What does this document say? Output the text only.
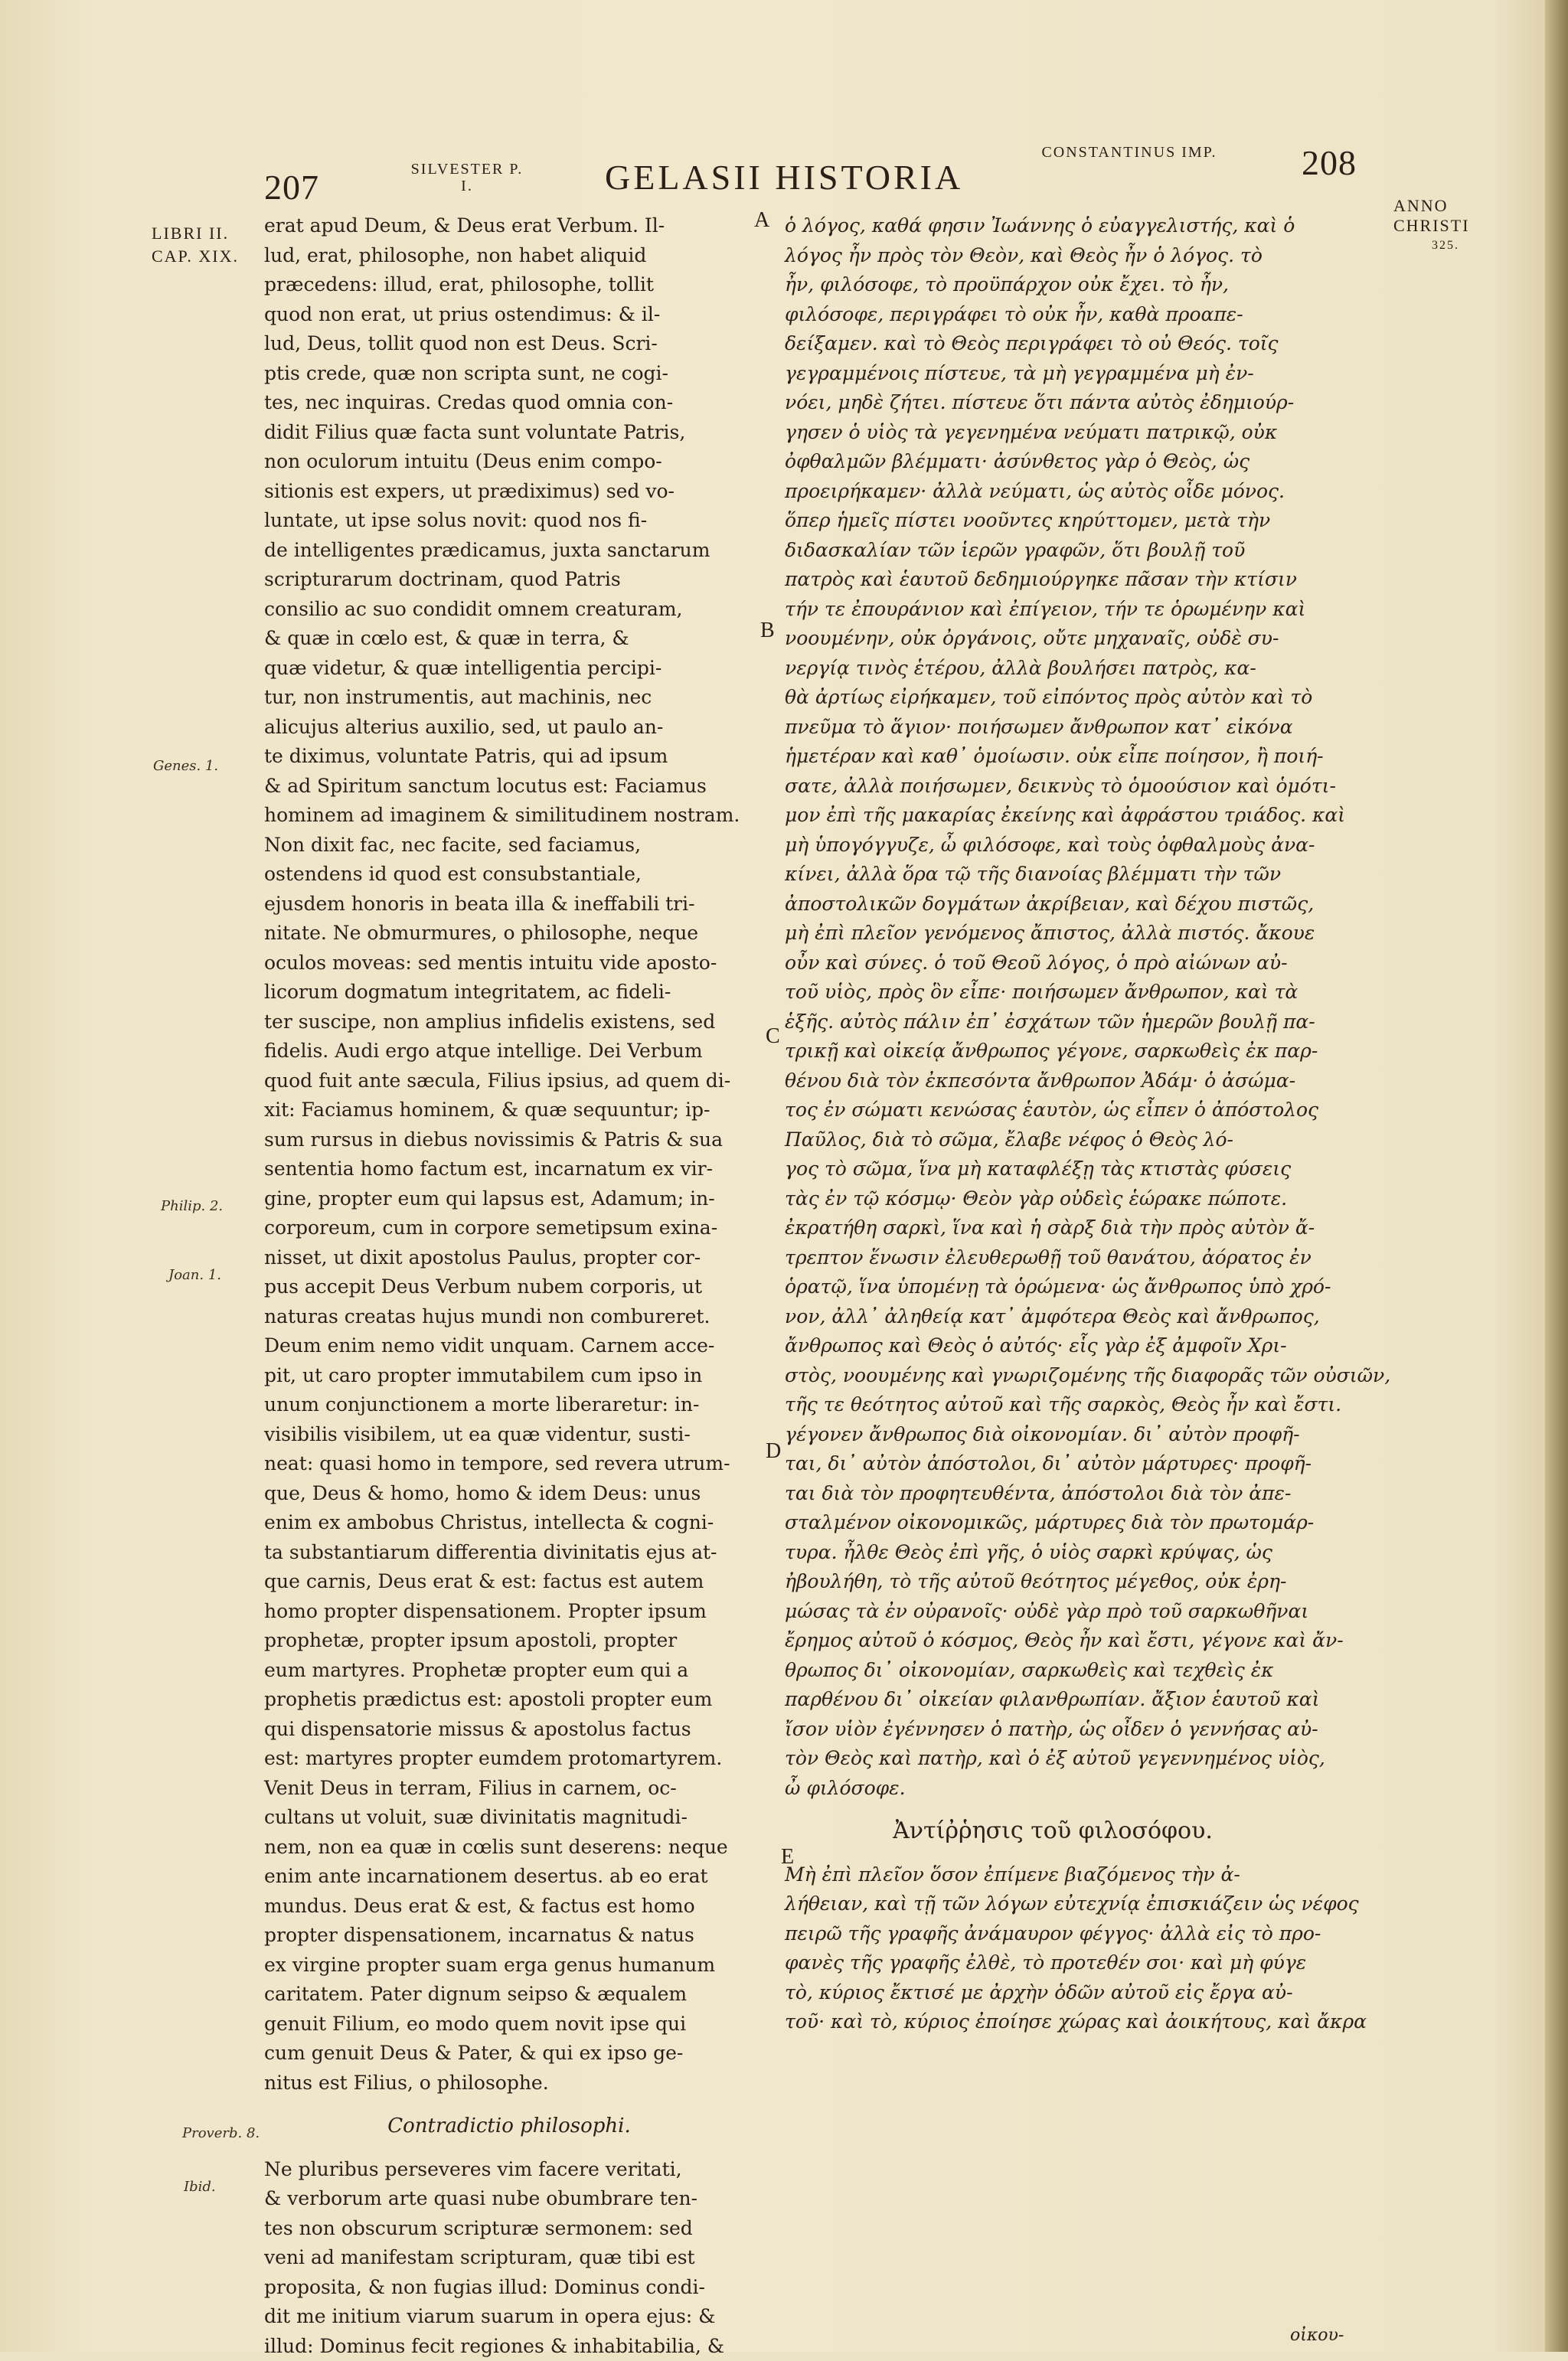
207	SILVESTER P. I.	GELASII HISTORIA
CONSTANTINUS IMP.	208
ANNO CHRISTI
325.
LIBRI II. CAP. XIX.
Genes. 1.
Philip. 2.
Joan. 1.
Proverb. 8.
Ibid.
A
B
C
D
E
erat apud Deum, & Deus erat Verbum. Il-
lud, erat, philosophe, non habet aliquid
præcedens: illud, erat, philosophe, tollit
quod non erat, ut prius ostendimus: & il-
lud, Deus, tollit quod non est Deus. Scri-
ptis crede, quæ non scripta sunt, ne cogi-
tes, nec inquiras. Credas quod omnia con-
didit Filius quæ facta sunt voluntate Patris,
non oculorum intuitu (Deus enim compo-
sitionis est expers, ut prædiximus) sed vo-
luntate, ut ipse solus novit: quod nos fi-
de intelligentes prædicamus, juxta sanctarum
scripturarum doctrinam, quod Patris
consilio ac suo condidit omnem creaturam,
& quæ in cœlo est, & quæ in terra, &
quæ videtur, & quæ intelligentia percipi-
tur, non instrumentis, aut machinis, nec
alicujus alterius auxilio, sed, ut paulo an-
te diximus, voluntate Patris, qui ad ipsum
& ad Spiritum sanctum locutus est: Faciamus
hominem ad imaginem & similitudinem nostram.
Non dixit fac, nec facite, sed faciamus,
ostendens id quod est consubstantiale,
ejusdem honoris in beata illa & ineffabili tri-
nitate. Ne obmurmures, o philosophe, neque
oculos moveas: sed mentis intuitu vide aposto-
licorum dogmatum integritatem, ac fideli-
ter suscipe, non amplius infidelis existens, sed
fidelis. Audi ergo atque intellige. Dei Verbum
quod fuit ante sæcula, Filius ipsius, ad quem di-
xit: Faciamus hominem, & quæ sequuntur; ip-
sum rursus in diebus novissimis & Patris & sua
sententia homo factum est, incarnatum ex vir-
gine, propter eum qui lapsus est, Adamum; in-
corporeum, cum in corpore semetipsum exina-
nisset, ut dixit apostolus Paulus, propter cor-
pus accepit Deus Verbum nubem corporis, ut
naturas creatas hujus mundi non combureret.
Deum enim nemo vidit unquam. Carnem acce-
pit, ut caro propter immutabilem cum ipso in
unum conjunctionem a morte liberaretur: in-
visibilis visibilem, ut ea quæ videntur, susti-
neat: quasi homo in tempore, sed revera utrum-
que, Deus & homo, homo & idem Deus: unus
enim ex ambobus Christus, intellecta & cogni-
ta substantiarum differentia divinitatis ejus at-
que carnis, Deus erat & est: factus est autem
homo propter dispensationem. Propter ipsum
prophetæ, propter ipsum apostoli, propter
eum martyres. Prophetæ propter eum qui a
prophetis prædictus est: apostoli propter eum
qui dispensatorie missus & apostolus factus
est: martyres propter eumdem protomartyrem.
Venit Deus in terram, Filius in carnem, oc-
cultans ut voluit, suæ divinitatis magnitudi-
nem, non ea quæ in cœlis sunt deserens: neque
enim ante incarnationem desertus. ab eo erat
mundus. Deus erat & est, & factus est homo
propter dispensationem, incarnatus & natus
ex virgine propter suam erga genus humanum
caritatem. Pater dignum seipso & æqualem
genuit Filium, eo modo quem novit ipse qui
cum genuit Deus & Pater, & qui ex ipso ge-
nitus est Filius, o philosophe.
Contradictio philosophi.
Ne pluribus perseveres vim facere veritati,
& verborum arte quasi nube obumbrare ten-
tes non obscurum scripturæ sermonem: sed
veni ad manifestam scripturam, quæ tibi est
proposita, & non fugias illud: Dominus condi-
dit me initium viarum suarum in opera ejus: &
illud: Dominus fecit regiones & inhabitabilia, &
ὁ λόγος, καθά φησιν Ἰωάννης ὁ εὐαγγελιστής, καὶ ὁ
λόγος ἦν πρὸς τὸν Θεὸν, καὶ Θεὸς ἦν ὁ λόγος. τὸ
ἦν, φιλόσοφε, τὸ προϋπάρχον οὐκ ἔχει. τὸ ἦν,
φιλόσοφε, περιγράφει τὸ οὐκ ἦν, καθὰ προαπε-
δείξαμεν. καὶ τὸ Θεὸς περιγράφει τὸ οὐ Θεός. τοῖς
γεγραμμένοις πίστευε, τὰ μὴ γεγραμμένα μὴ ἐν-
νόει, μηδὲ ζήτει. πίστευε ὅτι πάντα αὐτὸς ἐδημιούρ-
γησεν ὁ υἱὸς τὰ γεγενημένα νεύματι πατρικῷ, οὐκ
ὀφθαλμῶν βλέμματι· ἀσύνθετος γὰρ ὁ Θεὸς, ὡς
προειρήκαμεν· ἀλλὰ νεύματι, ὡς αὐτὸς οἶδε μόνος.
ὅπερ ἡμεῖς πίστει νοοῦντες κηρύττομεν, μετὰ τὴν
διδασκαλίαν τῶν ἱερῶν γραφῶν, ὅτι βουλῇ τοῦ
πατρὸς καὶ ἑαυτοῦ δεδημιούργηκε πᾶσαν τὴν κτίσιν
τήν τε ἐπουράνιον καὶ ἐπίγειον, τήν τε ὁρωμένην καὶ
νοουμένην, οὐκ ὀργάνοις, οὔτε μηχαναῖς, οὐδὲ συ-
νεργίᾳ τινὸς ἑτέρου, ἀλλὰ βουλήσει πατρὸς, κα-
θὰ ἀρτίως εἰρήκαμεν, τοῦ εἰπόντος πρὸς αὐτὸν καὶ τὸ
πνεῦμα τὸ ἅγιον· ποιήσωμεν ἄνθρωπον κατ᾽ εἰκόνα
ἡμετέραν καὶ καθ᾽ ὁμοίωσιν. οὐκ εἶπε ποίησον, ἢ ποιή-
σατε, ἀλλὰ ποιήσωμεν, δεικνὺς τὸ ὁμοούσιον καὶ ὁμότι-
μον ἐπὶ τῆς μακαρίας ἐκείνης καὶ ἀφράστου τριάδος. καὶ
μὴ ὑπογόγγυζε, ὦ φιλόσοφε, καὶ τοὺς ὀφθαλμοὺς ἀνα-
κίνει, ἀλλὰ ὅρα τῷ τῆς διανοίας βλέμματι τὴν τῶν
ἀποστολικῶν δογμάτων ἀκρίβειαν, καὶ δέχου πιστῶς,
μὴ ἐπὶ πλεῖον γενόμενος ἄπιστος, ἀλλὰ πιστός. ἄκουε
οὖν καὶ σύνες. ὁ τοῦ Θεοῦ λόγος, ὁ πρὸ αἰώνων αὐ-
τοῦ υἱὸς, πρὸς ὃν εἶπε· ποιήσωμεν ἄνθρωπον, καὶ τὰ
ἑξῆς. αὐτὸς πάλιν ἐπ᾽ ἐσχάτων τῶν ἡμερῶν βουλῇ πα-
τρικῇ καὶ οἰκείᾳ ἄνθρωπος γέγονε, σαρκωθεὶς ἐκ παρ-
θένου διὰ τὸν ἐκπεσόντα ἄνθρωπον Ἀδάμ· ὁ ἀσώμα-
τος ἐν σώματι κενώσας ἑαυτὸν, ὡς εἶπεν ὁ ἀπόστολος
Παῦλος, διὰ τὸ σῶμα, ἔλαβε νέφος ὁ Θεὸς λό-
γος τὸ σῶμα, ἵνα μὴ καταφλέξῃ τὰς κτιστὰς φύσεις
τὰς ἐν τῷ κόσμῳ· Θεὸν γὰρ οὐδεὶς ἑώρακε πώποτε.
ἐκρατήθη σαρκὶ, ἵνα καὶ ἡ σὰρξ διὰ τὴν πρὸς αὐτὸν ἄ-
τρεπτον ἕνωσιν ἐλευθερωθῇ τοῦ θανάτου, ἀόρατος ἐν
ὁρατῷ, ἵνα ὑπομένῃ τὰ ὁρώμενα· ὡς ἄνθρωπος ὑπὸ χρό-
νον, ἀλλ᾽ ἀληθείᾳ κατ᾽ ἀμφότερα Θεὸς καὶ ἄνθρωπος,
ἄνθρωπος καὶ Θεὸς ὁ αὐτός· εἷς γὰρ ἐξ ἀμφοῖν Χρι-
στὸς, νοουμένης καὶ γνωριζομένης τῆς διαφορᾶς τῶν οὐσιῶν,
τῆς τε θεότητος αὐτοῦ καὶ τῆς σαρκὸς, Θεὸς ἦν καὶ ἔστι.
γέγονεν ἄνθρωπος διὰ οἰκονομίαν. δι᾽ αὐτὸν προφῆ-
ται, δι᾽ αὐτὸν ἀπόστολοι, δι᾽ αὐτὸν μάρτυρες· προφῆ-
ται διὰ τὸν προφητευθέντα, ἀπόστολοι διὰ τὸν ἀπε-
σταλμένον οἰκονομικῶς, μάρτυρες διὰ τὸν πρωτομάρ-
τυρα. ἦλθε Θεὸς ἐπὶ γῆς, ὁ υἱὸς σαρκὶ κρύψας, ὡς
ἠβουλήθη, τὸ τῆς αὐτοῦ θεότητος μέγεθος, οὐκ ἐρη-
μώσας τὰ ἐν οὐρανοῖς· οὐδὲ γὰρ πρὸ τοῦ σαρκωθῆναι
ἔρημος αὐτοῦ ὁ κόσμος, Θεὸς ἦν καὶ ἔστι, γέγονε καὶ ἄν-
θρωπος δι᾽ οἰκονομίαν, σαρκωθεὶς καὶ τεχθεὶς ἐκ
παρθένου δι᾽ οἰκείαν φιλανθρωπίαν. ἄξιον ἑαυτοῦ καὶ
ἴσον υἱὸν ἐγέννησεν ὁ πατὴρ, ὡς οἶδεν ὁ γεννήσας αὐ-
τὸν Θεὸς καὶ πατὴρ, καὶ ὁ ἐξ αὐτοῦ γεγεννημένος υἱὸς,
ὦ φιλόσοφε.
Ἀντίῤῥησις τοῦ φιλοσόφου.
Μὴ ἐπὶ πλεῖον ὅσον ἐπίμενε βιαζόμενος τὴν ἀ-
λήθειαν, καὶ τῇ τῶν λόγων εὐτεχνίᾳ ἐπισκιάζειν ὡς νέφος
πειρῶ τῆς γραφῆς ἀνάμαυρον φέγγος· ἀλλὰ εἰς τὸ προ-
φανὲς τῆς γραφῆς ἐλθὲ, τὸ προτεθέν σοι· καὶ μὴ φύγε
τὸ, κύριος ἔκτισέ με ἀρχὴν ὁδῶν αὐτοῦ εἰς ἔργα αὐ-
τοῦ· καὶ τὸ, κύριος ἐποίησε χώρας καὶ ἀοικήτους, καὶ ἄκρα
οἰκου-
